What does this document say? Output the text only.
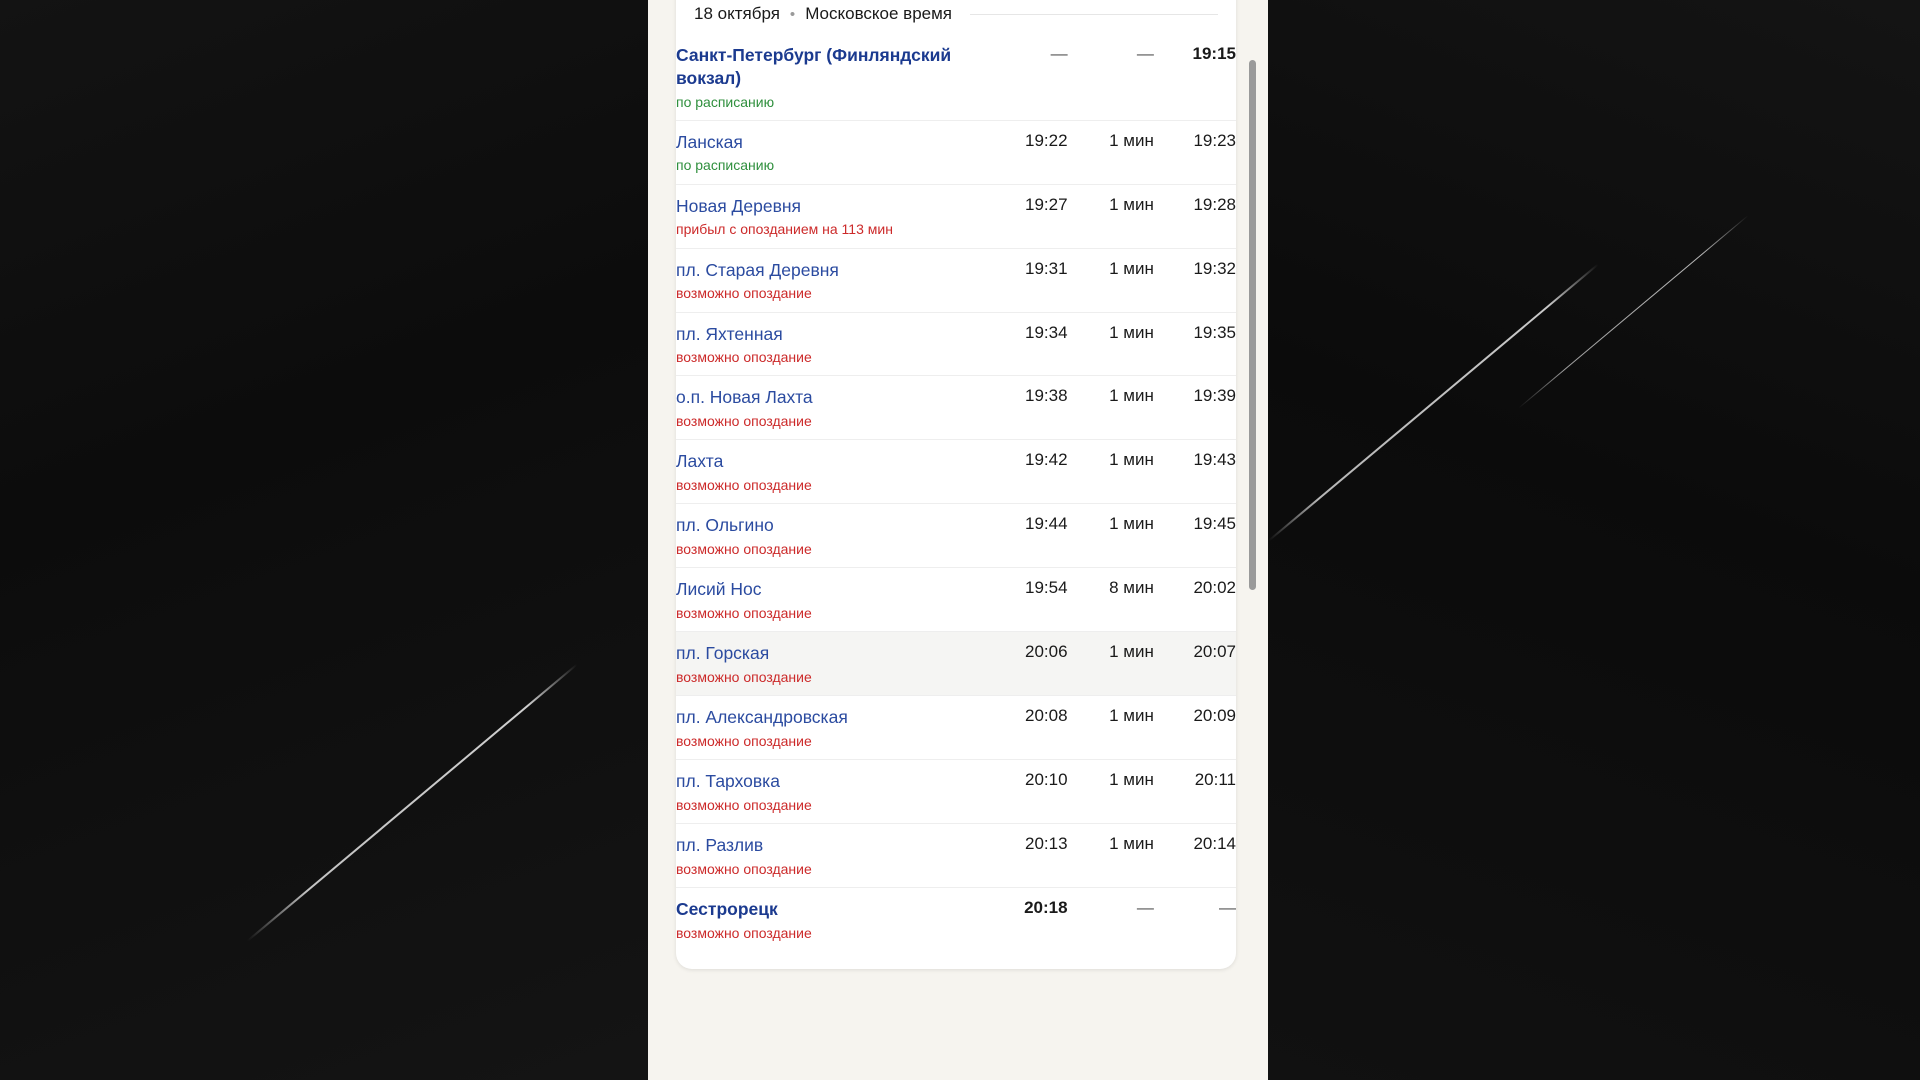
18 октября • Московское время
Санкт-Петербург (Финляндский вокзал)
по расписанию	—	—	19:15

Ланская
по расписанию	19:22	1 мин	19:23

Новая Деревня
прибыл с опозданием на 113 мин	19:27	1 мин	19:28

пл. Старая Деревня
возможно опоздание	19:31	1 мин	19:32

пл. Яхтенная
возможно опоздание	19:34	1 мин	19:35

о.п. Новая Лахта
возможно опоздание	19:38	1 мин	19:39

Лахта
возможно опоздание	19:42	1 мин	19:43

пл. Ольгино
возможно опоздание	19:44	1 мин	19:45

Лисий Нос
возможно опоздание	19:54	8 мин	20:02

пл. Горская
возможно опоздание	20:06	1 мин	20:07

пл. Александровская
возможно опоздание	20:08	1 мин	20:09

пл. Тарховка
возможно опоздание	20:10	1 мин	20:11

пл. Разлив
возможно опоздание	20:13	1 мин	20:14

Сестрорецк
возможно опоздание	20:18	—	—
